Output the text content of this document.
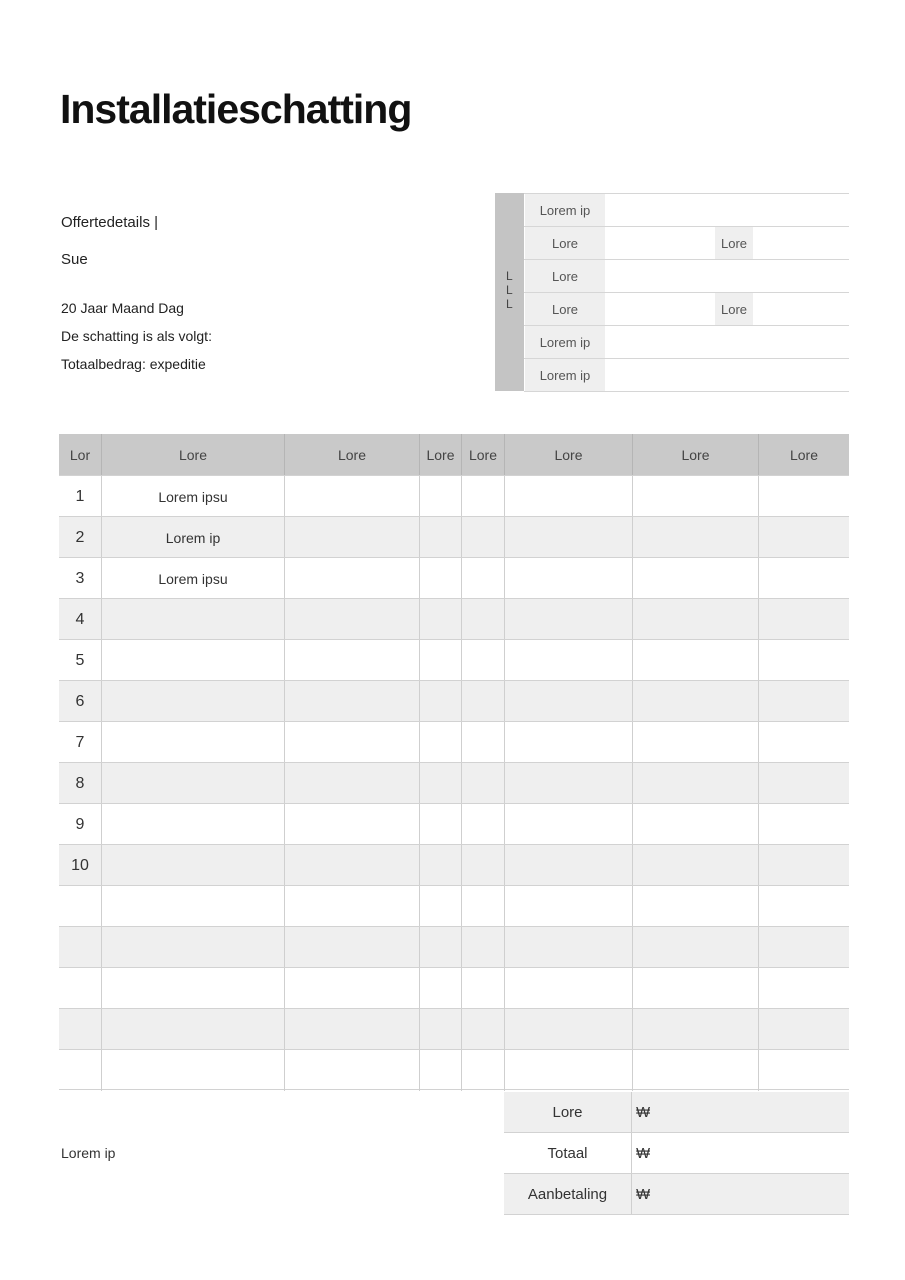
Installatieschatting
Offertedetails |
Sue
20 Jaar Maand Dag
De schatting is als volgt:
Totaalbedrag: expeditie
L
L
L
Lorem ip
Lore	Lore
Lore
Lore	Lore
Lorem ip
Lorem ip
Lor	Lore	Lore	Lore	Lore	Lore	Lore	Lore
1	Lorem ipsu
2	Lorem ip
3	Lorem ipsu
4
5
6
7
8
9
10
Lorem ip
Lore	₩
Totaal	₩
Aanbetaling	₩
